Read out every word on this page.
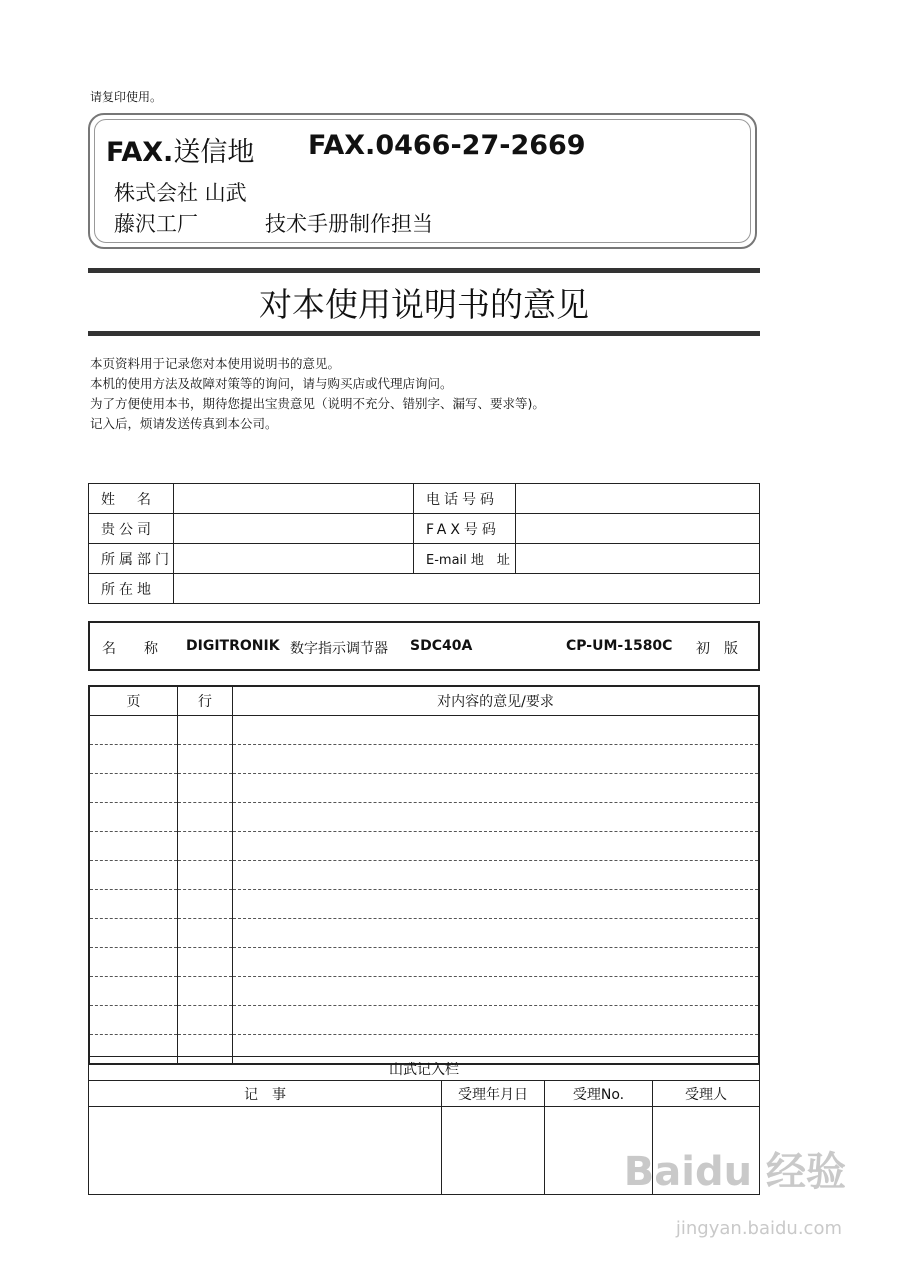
请复印使用。
FAX.送信地 FAX.0466-27-2669
株式会社 山武
藤沢工厂	技术手册制作担当
对本使用说明书的意见
本页资料用于记录您对本使用说明书的意见。
本机的使用方法及故障对策等的询问，请与购买店或代理店询问。
为了方便使用本书，期待您提出宝贵意见（说明不充分、错别字、漏写、要求等)。
记入后，烦请发送传真到本公司。
姓　名		电话号码	
贵公司		FAX号码	
所属部门		E-mail 地　址	
所在地			
名　　称 DIGITRONIK 数字指示调节器 SDC40A	CP-UM-1580C 初　版
页	行	对内容的意见/要求

山武记入栏			
记　事	受理年月日	受理No.	受理人

Baidu 经验
jingyan.baidu.com
